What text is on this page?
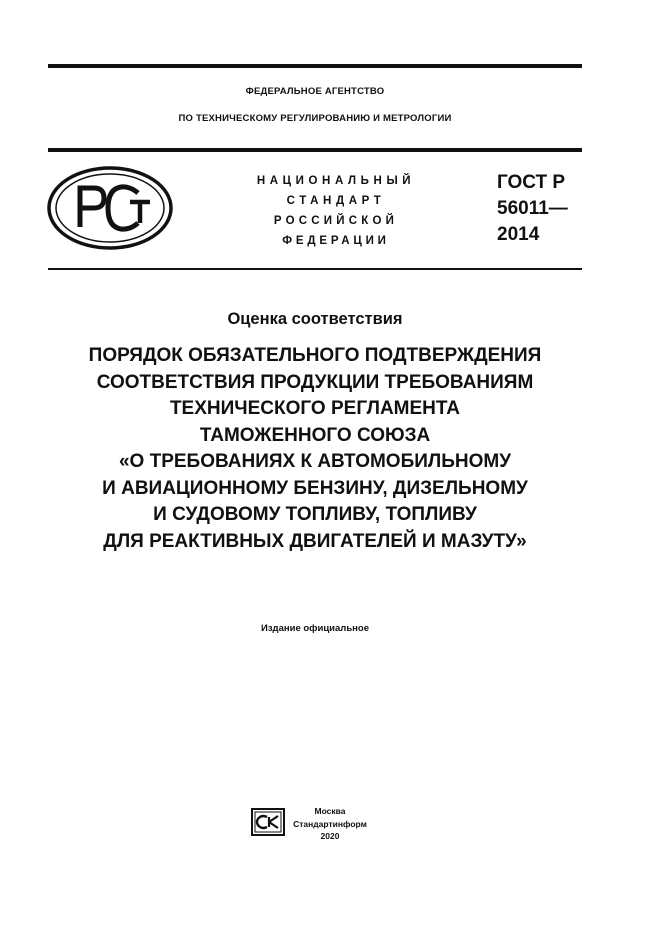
ФЕДЕРАЛЬНОЕ АГЕНТСТВО
ПО ТЕХНИЧЕСКОМУ РЕГУЛИРОВАНИЮ И МЕТРОЛОГИИ
НАЦИОНАЛЬНЫЙ
СТАНДАРТ
РОССИЙСКОЙ
ФЕДЕРАЦИИ
ГОСТ Р
56011—
2014
Оценка соответствия
ПОРЯДОК ОБЯЗАТЕЛЬНОГО ПОДТВЕРЖДЕНИЯ
СООТВЕТСТВИЯ ПРОДУКЦИИ ТРЕБОВАНИЯМ
ТЕХНИЧЕСКОГО РЕГЛАМЕНТА
ТАМОЖЕННОГО СОЮЗА
«О ТРЕБОВАНИЯХ К АВТОМОБИЛЬНОМУ
И АВИАЦИОННОМУ БЕНЗИНУ, ДИЗЕЛЬНОМУ
И СУДОВОМУ ТОПЛИВУ, ТОПЛИВУ
ДЛЯ РЕАКТИВНЫХ ДВИГАТЕЛЕЙ И МАЗУТУ»
Издание официальное
Москва
Стандартинформ
2020
